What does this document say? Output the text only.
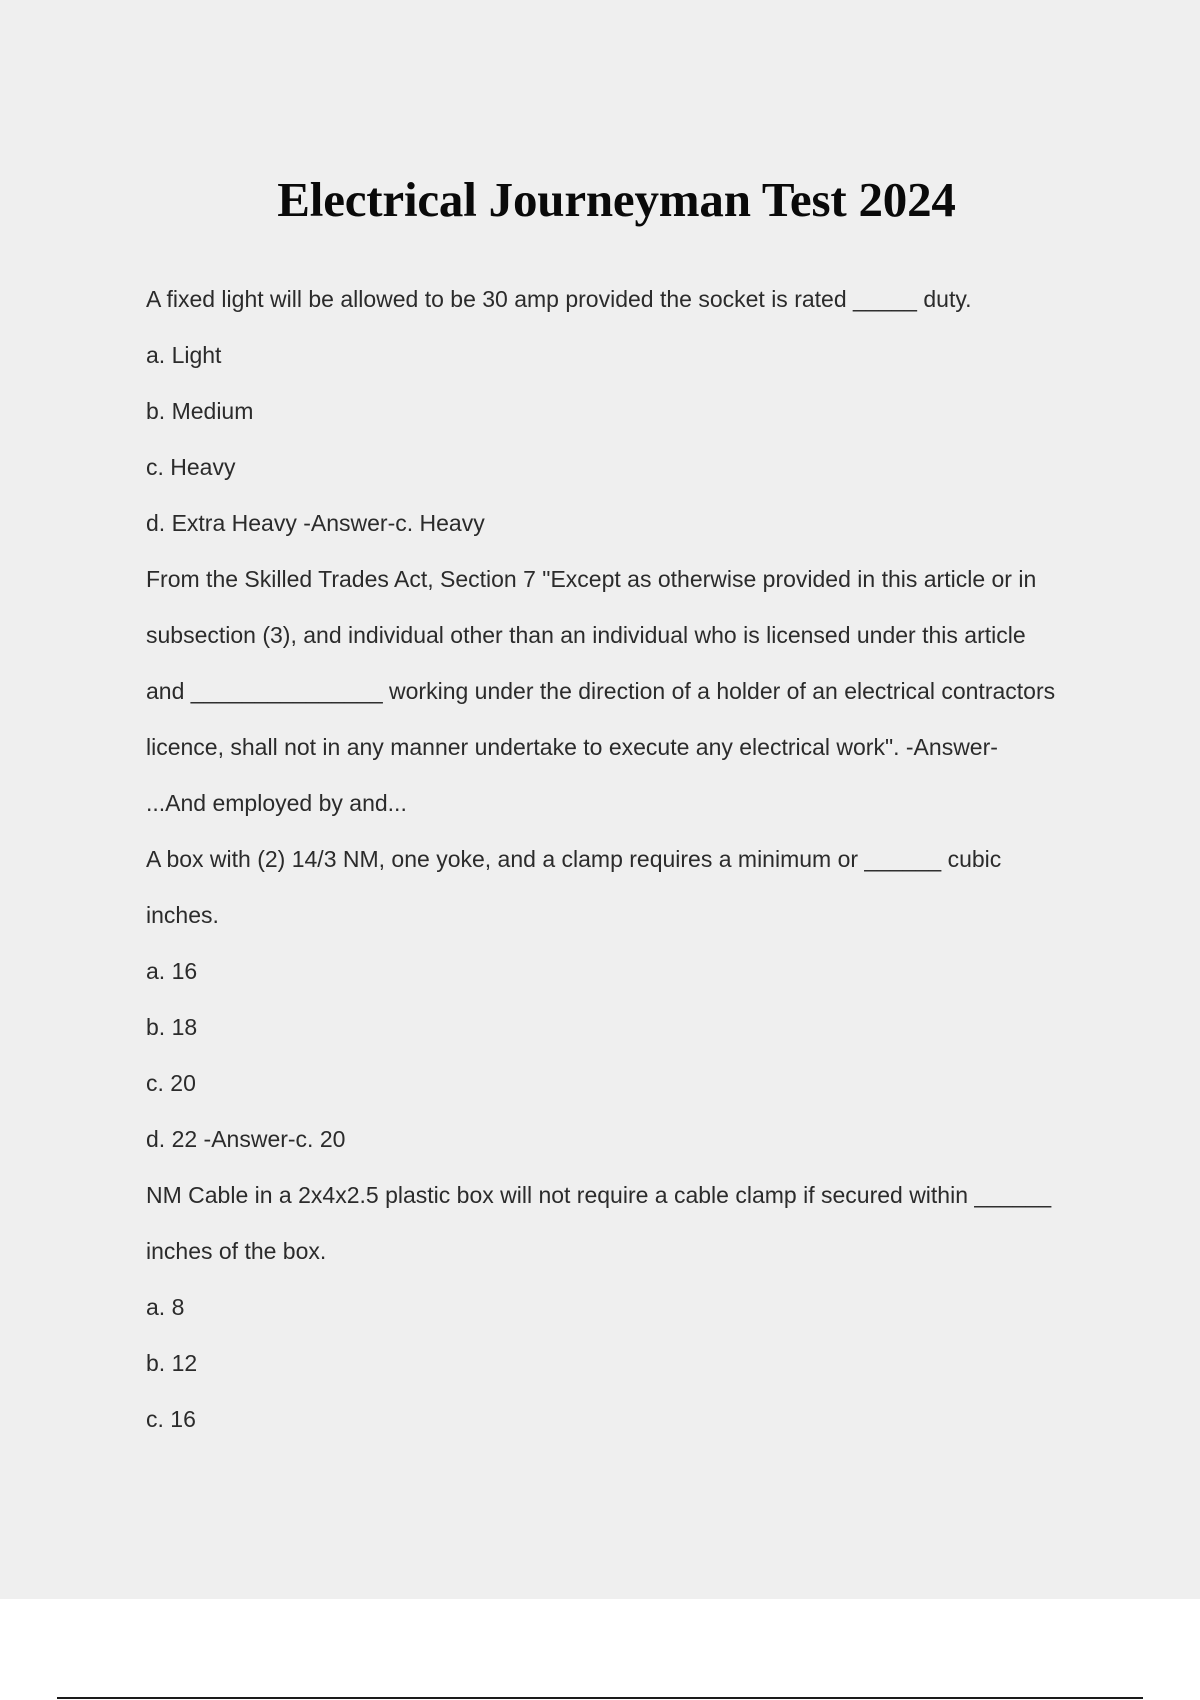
Electrical Journeyman Test 2024
A fixed light will be allowed to be 30 amp provided the socket is rated _____ duty.
a. Light
b. Medium
c. Heavy
d. Extra Heavy -Answer-c. Heavy
From the Skilled Trades Act, Section 7 "Except as otherwise provided in this article or in
subsection (3), and individual other than an individual who is licensed under this article
and _______________ working under the direction of a holder of an electrical contractors
licence, shall not in any manner undertake to execute any electrical work". -Answer-
...And employed by and...
A box with (2) 14/3 NM, one yoke, and a clamp requires a minimum or ______ cubic
inches.
a. 16
b. 18
c. 20
d. 22 -Answer-c. 20
NM Cable in a 2x4x2.5 plastic box will not require a cable clamp if secured within ______
inches of the box.
a. 8
b. 12
c. 16
